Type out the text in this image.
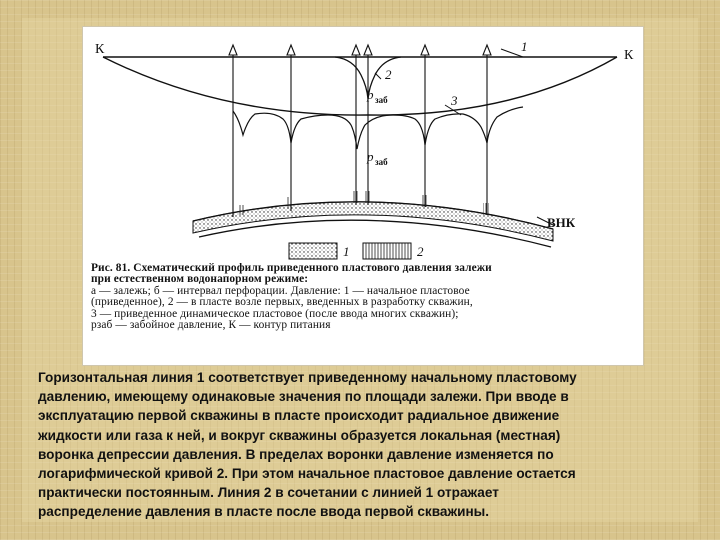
К	К
1
2
3
р заб
р заб
ВНК
1	2
Рис. 81. Схематический профиль приведенного пластового давления залежи
при естественном водонапорном режиме:
а — залежь; б — интервал перфорации. Давление: 1 — начальное пластовое
(приведенное), 2 — в пласте возле первых, введенных в разработку скважин,
3 — приведенное динамическое пластовое (после ввода многих скважин);
pзаб — забойное давление, К — контур питания
Горизонтальная линия 1 соответствует приведенному начальному пластовому
давлению, имеющему одинаковые значения по площади залежи. При вводе в
эксплуатацию первой скважины в пласте происходит радиальное движение
жидкости или газа к ней, и вокруг скважины образуется локальная (местная)
воронка депрессии давления. В пределах воронки давление изменяется по
логарифмической кривой 2. При этом начальное пластовое давление остается
практически постоянным. Линия 2 в сочетании с линией 1 отражает
распределение давления в пласте после ввода первой скважины.
